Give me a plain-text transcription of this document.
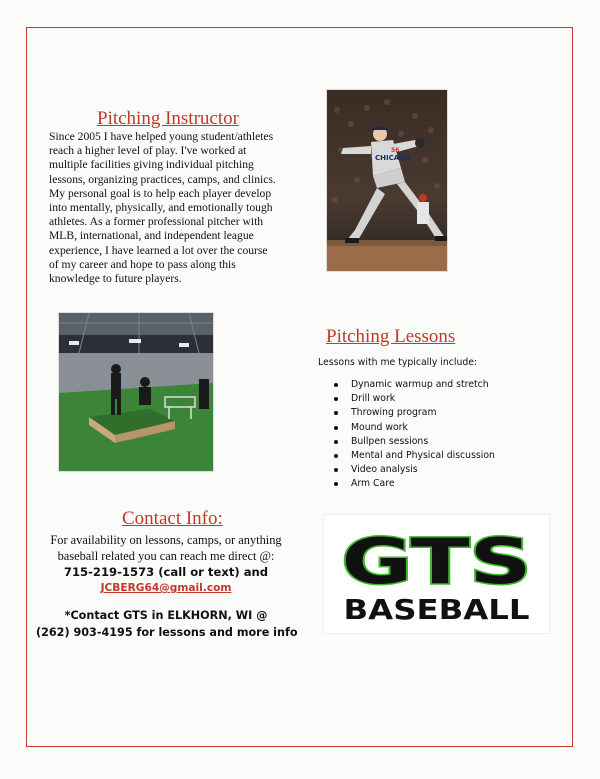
Pitching Instructor
Since 2005 I have helped young student/athletes
reach a higher level of play. I've worked at
multiple facilities giving individual pitching
lessons, organizing practices, camps, and clinics.
My personal goal is to help each player develop
into mentally, physically, and emotionally tough
athletes. As a former professional pitcher with
MLB, international, and independent league
experience, I have learned a lot over the course
of my career and hope to pass along this
knowledge to future players.
CHICAGO
56
Pitching Lessons
Lessons with me typically include:
Dynamic warmup and stretch
Drill work
Throwing program
Mound work
Bullpen sessions
Mental and Physical discussion
Video analysis
Arm Care
Contact Info:
For availability on lessons, camps, or anything
baseball related you can reach me direct @:
715-219-1573 (call or text) and
JCBERG64@gmail.com
*Contact GTS in ELKHORN, WI @
(262) 903-4195 for lessons and more info
GTS
BASEBALL
